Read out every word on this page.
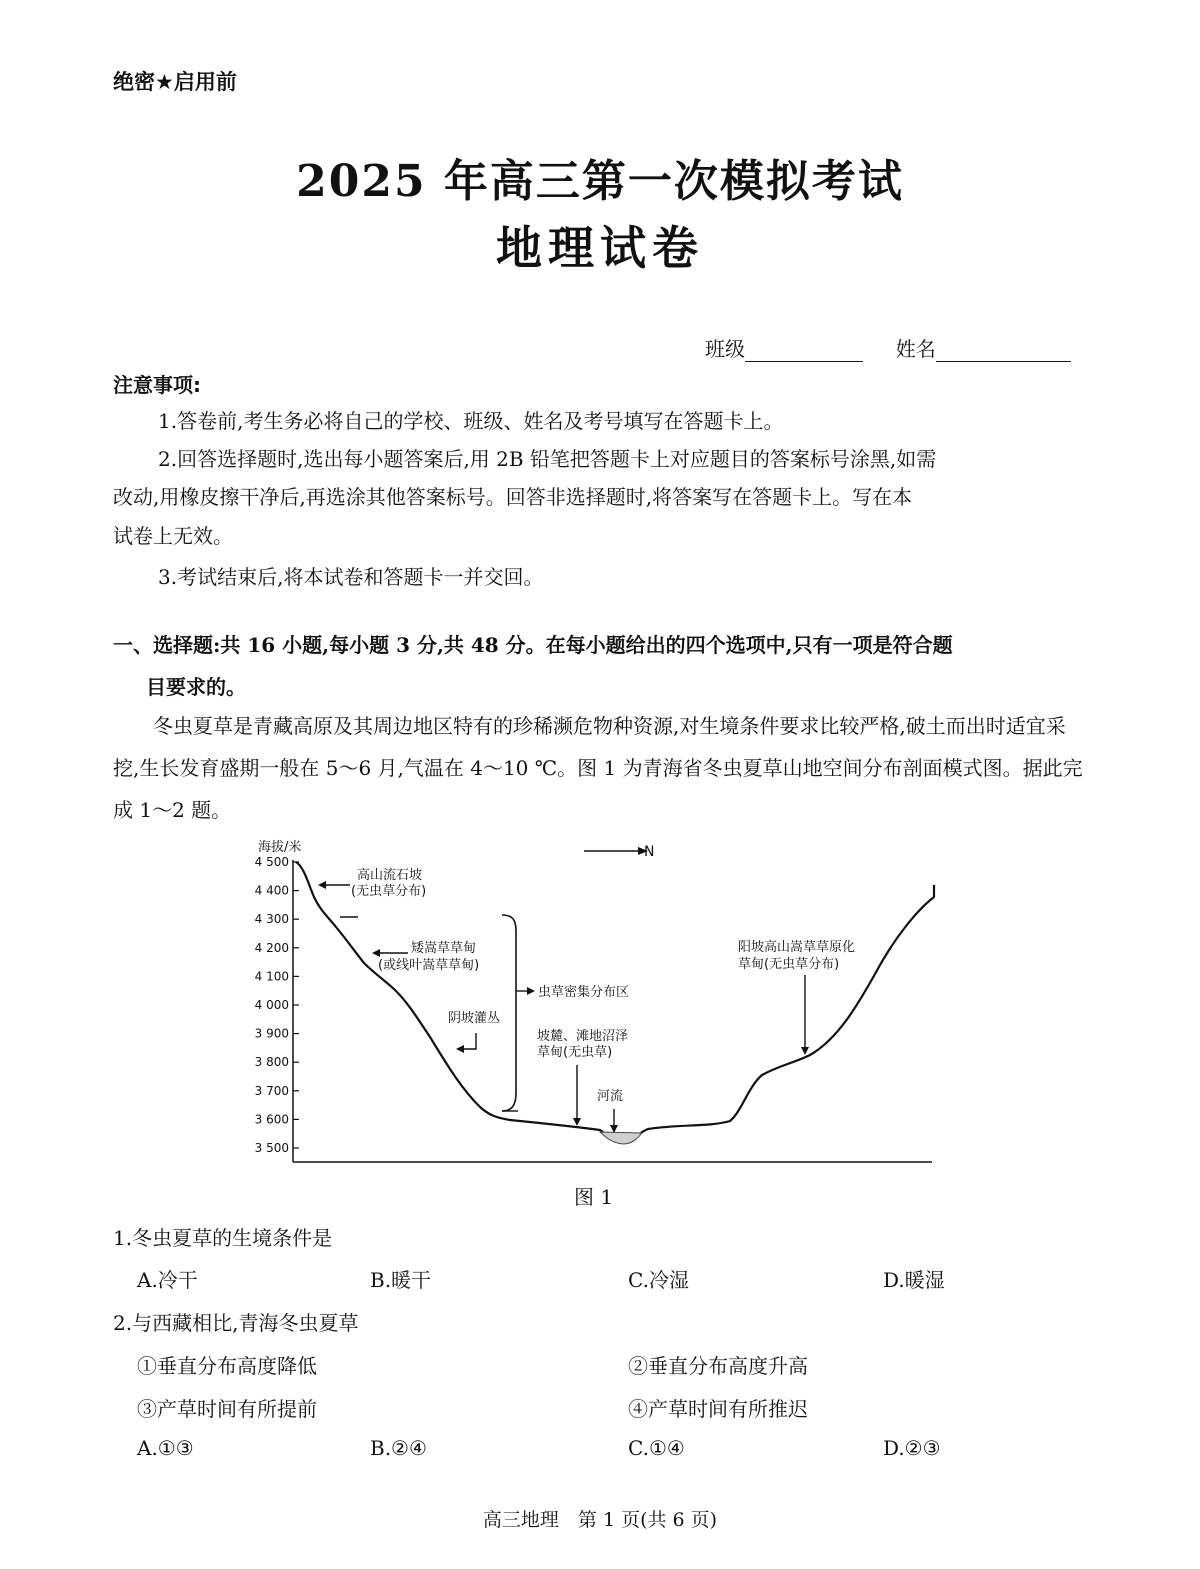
绝密★启用前
2025 年高三第一次模拟考试
地理试卷
班级	姓名
注意事项:
1.答卷前,考生务必将自己的学校、班级、姓名及考号填写在答题卡上。
2.回答选择题时,选出每小题答案后,用 2B 铅笔把答题卡上对应题目的答案标号涂黑,如需
改动,用橡皮擦干净后,再选涂其他答案标号。回答非选择题时,将答案写在答题卡上。写在本
试卷上无效。
3.考试结束后,将本试卷和答题卡一并交回。
一、选择题:共 16 小题,每小题 3 分,共 48 分。在每小题给出的四个选项中,只有一项是符合题
目要求的。
冬虫夏草是青藏高原及其周边地区特有的珍稀濒危物种资源,对生境条件要求比较严格,破土而出时适宜采挖,生长发育盛期一般在 5～6 月,气温在 4～10 ℃。图 1 为青海省冬虫夏草山地空间分布剖面模式图。据此完成 1～2 题。
海拔/米
4 500
4 400
4 300
4 200
4 100
4 000
3 900
3 800
3 700
3 600
3 500
N
高山流石坡
(无虫草分布)
矮嵩草草甸
(或线叶嵩草草甸)
虫草密集分布区
阴坡灌丛
坡麓、滩地沼泽
草甸(无虫草)
河流
阳坡高山嵩草草原化
草甸(无虫草分布)
图 1
1.冬虫夏草的生境条件是
A.冷干	B.暖干	C.冷湿	D.暖湿
2.与西藏相比,青海冬虫夏草
①垂直分布高度降低	②垂直分布高度升高
③产草时间有所提前	④产草时间有所推迟
A.①③	B.②④	C.①④	D.②③
高三地理　第 1 页(共 6 页)
